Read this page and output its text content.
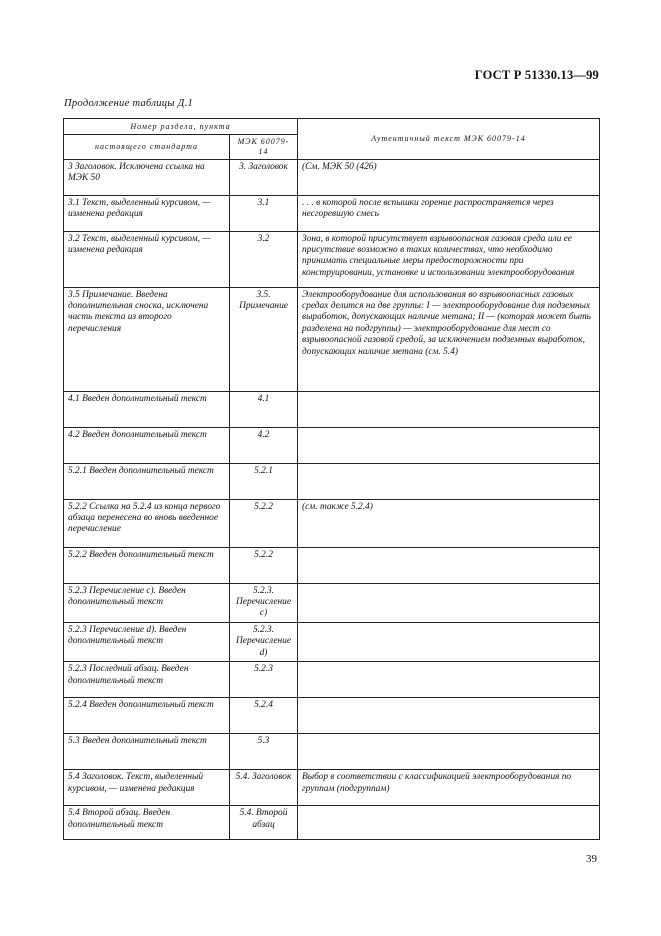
ГОСТ Р 51330.13—99
Продолжение таблицы Д.1
Номер раздела, пункта		Аутентичный текст МЭК 60079-14
настоящего стандарта	МЭК 60079-14	
3 Заголовок. Исключена ссылка на МЭК 50	3. Заголовок	(См. МЭК 50 (426)
3.1 Текст, выделенный курсивом, — изменена редакция	3.1	. . . в которой после вспышки горение распространяется через несгоревшую смесь
3.2 Текст, выделенный курсивом, — изменена редакция	3.2	Зона, в которой присутствует взрывоопасная газовая среда или ее присутствие возможно в таких количествах, что необходимо принимать специальные меры предосторожности при конструировании, установке и использовании электрооборудования
3.5 Примечание. Введена дополнительная сноска, исключена часть текста из второго перечисления	3.5. Примечание	Электрооборудование для использования во взрывоопасных газовых средах делится на две группы: I — электрооборудование для подземных выработок, допускающих наличие метана; II — (которая может быть разделена на подгруппы) — электрооборудование для мест со взрывоопасной газовой средой, за исключением подземных выработок, допускающих наличие метана (см. 5.4)
4.1 Введен дополнительный текст	4.1	
4.2 Введен дополнительный текст	4.2	
5.2.1 Введен дополнительный текст	5.2.1	
5.2.2 Ссылка на 5.2.4 из конца первого абзаца перенесена во вновь введенное перечисление	5.2.2	(см. также 5.2.4)
5.2.2 Введен дополнительный текст	5.2.2	
5.2.3 Перечисление с). Введен дополнительный текст	5.2.3. Перечисление с)	
5.2.3 Перечисление d). Введен дополнительный текст	5.2.3. Перечисление d)	
5.2.3 Последний абзац. Введен дополнительный текст	5.2.3	
5.2.4 Введен дополнительный текст	5.2.4	
5.3 Введен дополнительный текст	5.3	
5.4 Заголовок. Текст, выделенный курсивом, — изменена редакция	5.4. Заголовок	Выбор в соответствии с классификацией электрооборудования по группам (подгруппам)
5.4 Второй абзац. Введен дополнительный текст	5.4. Второй абзац	
39
